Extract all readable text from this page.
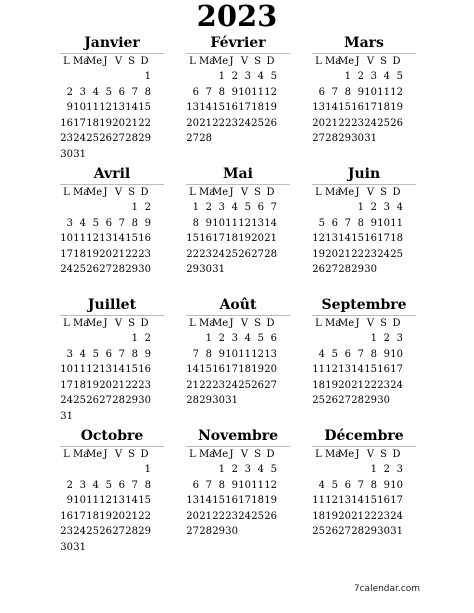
2023
Janvier
L Ma
Me J V S D
1
2 3 4 5 6 7 8
9 10 11 12 13 14 15
16 17 18 19 20 21 22
23 24 25 26 27 28 29
30 31
Février
L Ma
Me J V S D
1 2 3 4 5
6 7 8 9 10 11 12
13 14 15 16 17 18 19
20 21 22 23 24 25 26
27 28
Mars
L Ma
Me J V S D
1 2 3 4 5
6 7 8 9 10 11 12
13 14 15 16 17 18 19
20 21 22 23 24 25 26
27 28 29 30 31
Avril
L Ma
Me J V S D
1 2
3 4 5 6 7 8 9
10 11 12 13 14 15 16
17 18 19 20 21 22 23
24 25 26 27 28 29 30
Mai
L Ma
Me J V S D
1 2 3 4 5 6 7
8 9 10 11 12 13 14
15 16 17 18 19 20 21
22 23 24 25 26 27 28
29 30 31
Juin
L Ma
Me J V S D
1 2 3 4
5 6 7 8 9 10 11
12 13 14 15 16 17 18
19 20 21 22 23 24 25
26 27 28 29 30
Juillet
L Ma
Me J V S D
1 2
3 4 5 6 7 8 9
10 11 12 13 14 15 16
17 18 19 20 21 22 23
24 25 26 27 28 29 30
31
Août
L Ma
Me J V S D
1 2 3 4 5 6
7 8 9 10 11 12 13
14 15 16 17 18 19 20
21 22 23 24 25 26 27
28 29 30 31
Septembre
L Ma
Me J V S D
1 2 3
4 5 6 7 8 9 10
11 12 13 14 15 16 17
18 19 20 21 22 23 24
25 26 27 28 29 30
Octobre
L Ma
Me J V S D
1
2 3 4 5 6 7 8
9 10 11 12 13 14 15
16 17 18 19 20 21 22
23 24 25 26 27 28 29
30 31
Novembre
L Ma
Me J V S D
1 2 3 4 5
6 7 8 9 10 11 12
13 14 15 16 17 18 19
20 21 22 23 24 25 26
27 28 29 30
Décembre
L Ma
Me J V S D
1 2 3
4 5 6 7 8 9 10
11 12 13 14 15 16 17
18 19 20 21 22 23 24
25 26 27 28 29 30 31
7calendar.com
